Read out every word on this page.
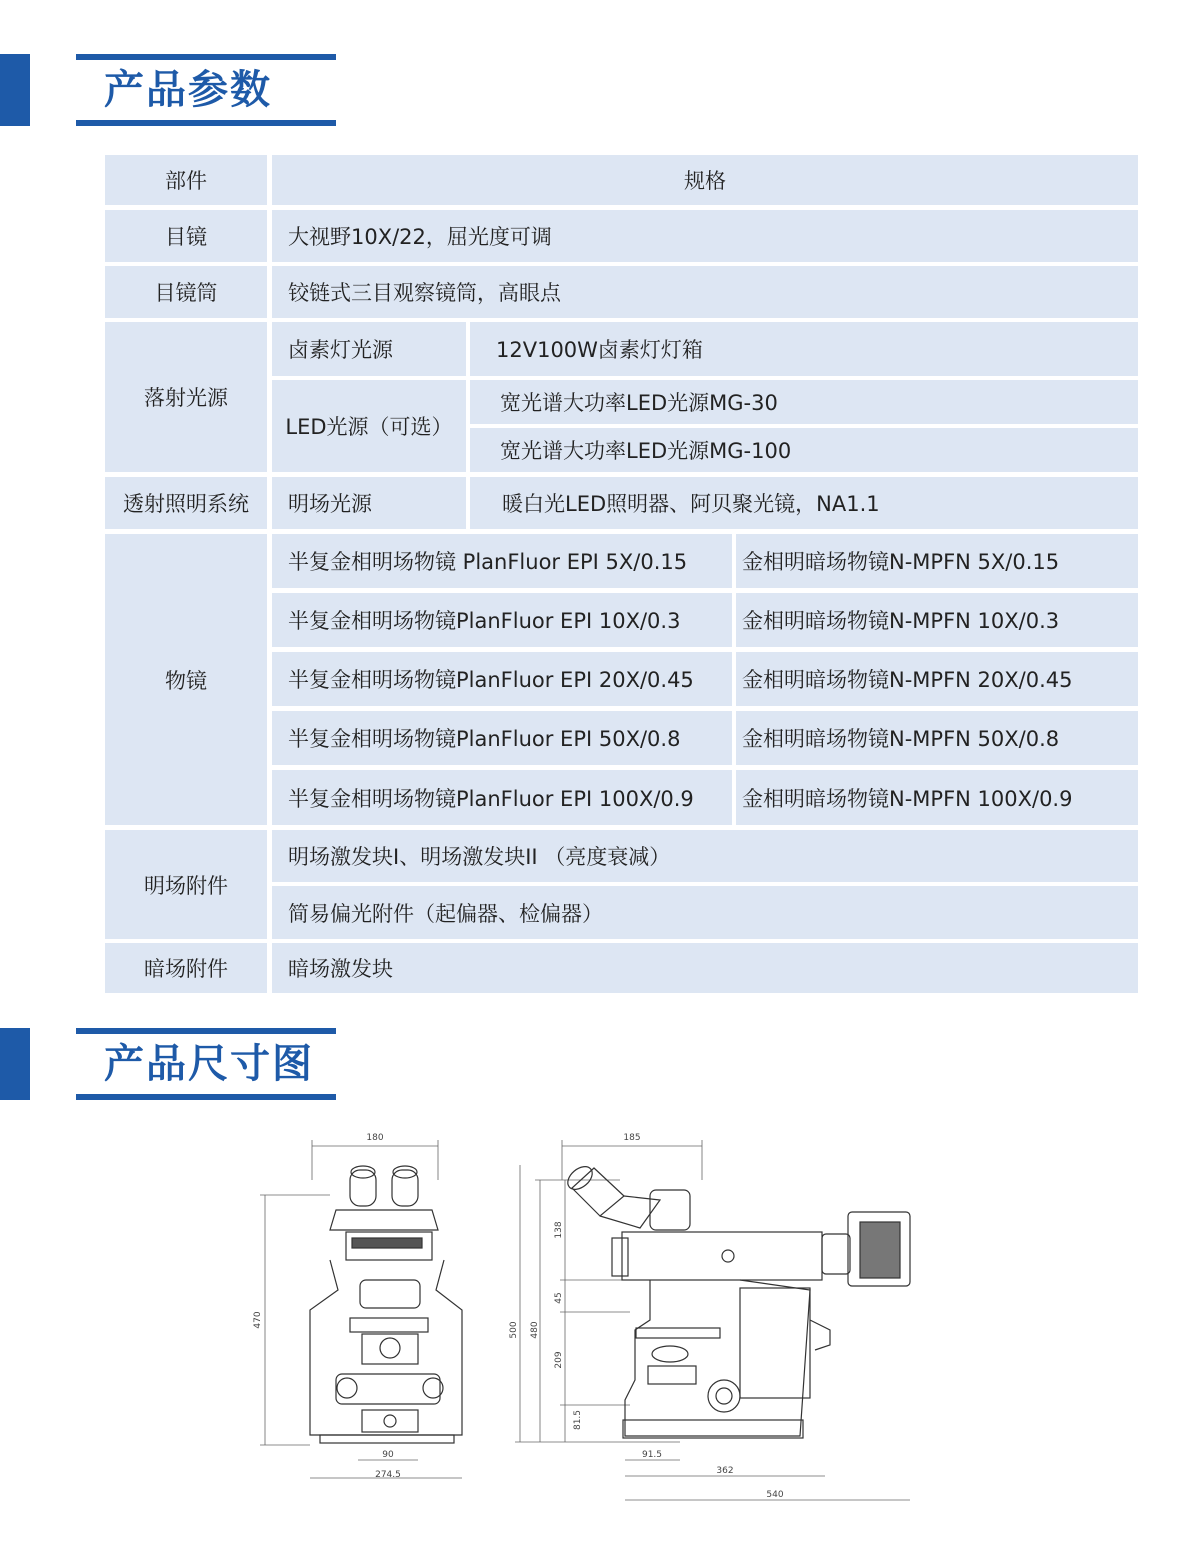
产品参数
部件	规格
目镜	大视野10X/22，屈光度可调
目镜筒	铰链式三目观察镜筒，高眼点
落射光源
卤素灯光源	12V100W卤素灯灯箱
LED光源（可选）
宽光谱大功率LED光源MG-30
宽光谱大功率LED光源MG-100
透射照明系统	明场光源	暖白光LED照明器、阿贝聚光镜，NA1.1
物镜
半复金相明场物镜 PlanFluor EPI 5X/0.15	金相明暗场物镜N-MPFN 5X/0.15
半复金相明场物镜PlanFluor EPI 10X/0.3	金相明暗场物镜N-MPFN 10X/0.3
半复金相明场物镜PlanFluor EPI 20X/0.45	金相明暗场物镜N-MPFN 20X/0.45
半复金相明场物镜PlanFluor EPI 50X/0.8	金相明暗场物镜N-MPFN 50X/0.8
半复金相明场物镜PlanFluor EPI 100X/0.9	金相明暗场物镜N-MPFN 100X/0.9
明场附件
明场激发块I、明场激发块II （亮度衰减）
简易偏光附件（起偏器、检偏器）
暗场附件	暗场激发块
产品尺寸图
180
470
90
274.5
185
500 480
138
45
209
81.5
91.5
362
540
